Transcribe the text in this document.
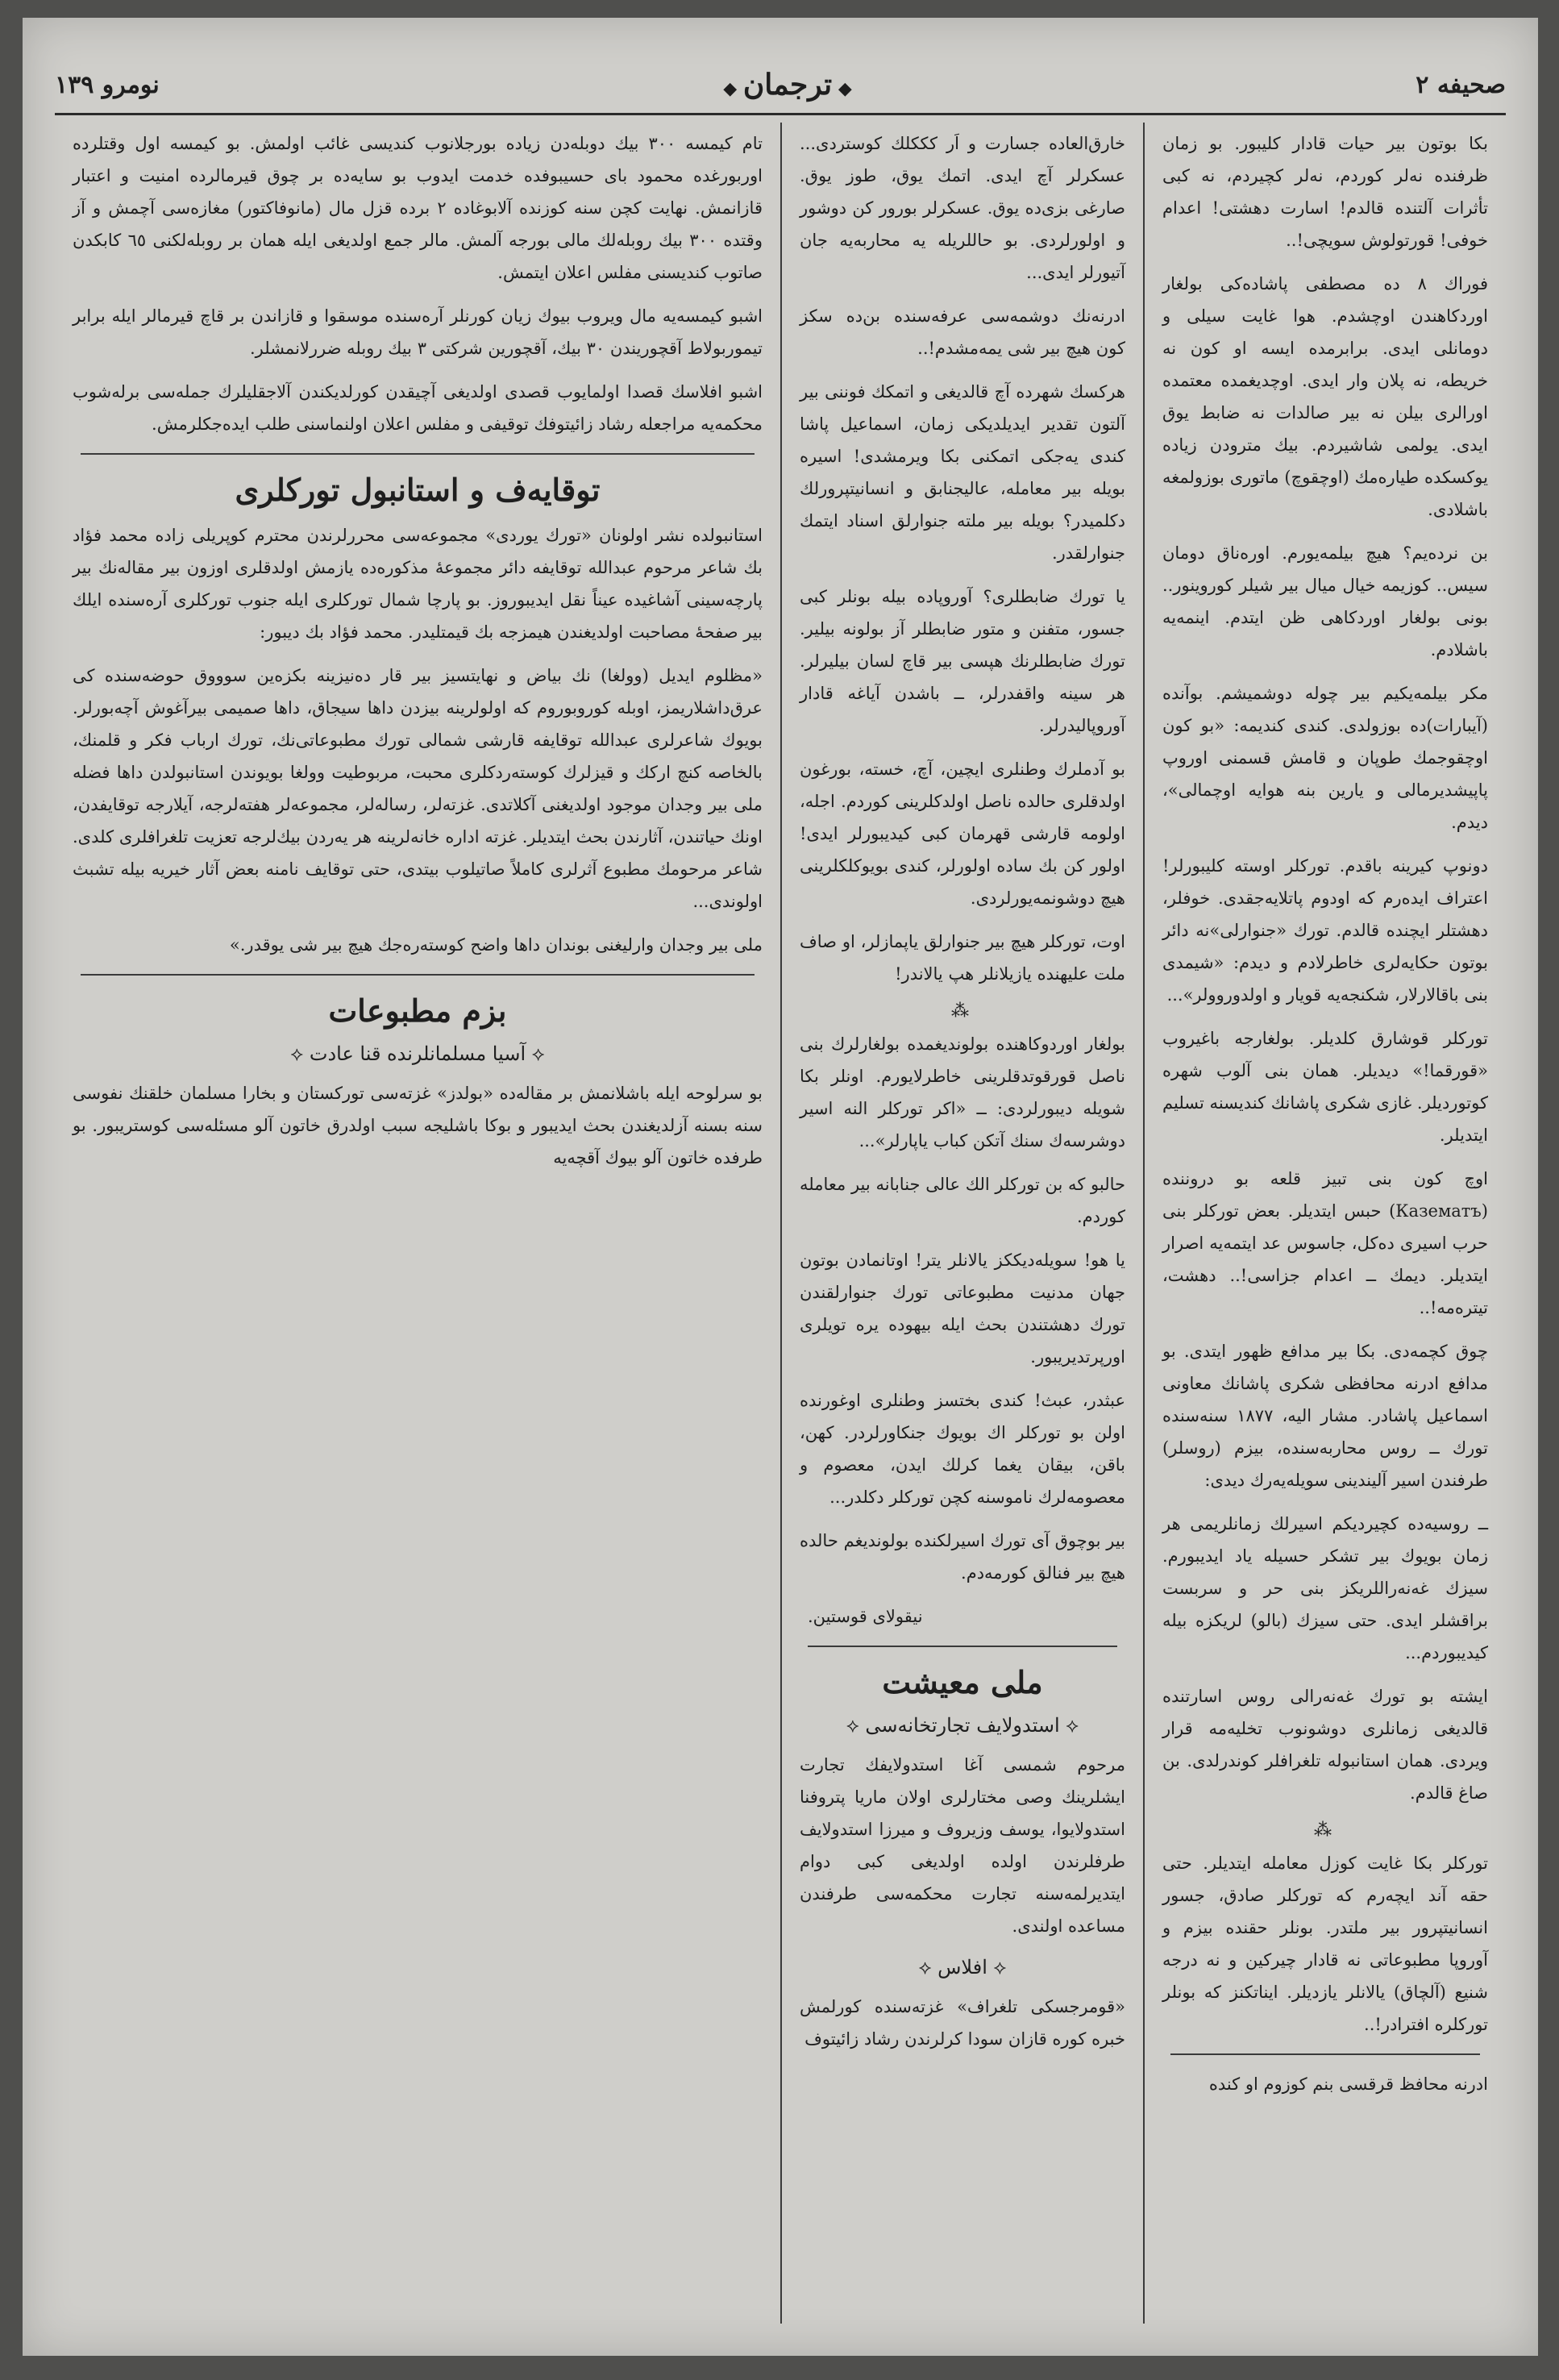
صحيفه ٢
◆ ترجمان ◆
نومرو ١٣٩

بكا بوتون بير حيات قادار كليبور. بو زمان ظرفنده نه‌لر كوردم، نه‌لر كچيردم، نه كبى تأثرات آلتنده قالدم! اسارت دهشتى! اعدام خوفى! قورتولوش سويچى!..

فوراك ٨ ده مصطفى پاشاده‌كى بولغار اوردكاهندن اوچشدم. هوا غايت سيلى و دومانلى ايدى. برابرمده ايسه او كون نه خريطه، نه پلان وار ايدى. اوچديغمده معتمده اورالرى بيلن نه بير صالدات نه ضابط يوق ايدى. يولمى شاشيردم. بيك مترودن زياده يوكسكده طيارەمك (اوچقوچ) ماتورى بوزولمغه باشلادى.

بن نردەيم؟ هيچ بيلمەيورم. اوره‌ناق دومان سيس.. كوزيمه خيال ميال بير شيلر كوروينور.. بونى بولغار اوردكاهى ظن ايتدم. اينمه‌يه باشلادم.

مكر بيلمەيكيم بير چوله دوشميشم. بوآنده (آيبارات)ده بوزولدى. كندى كنديمه: «بو كون اوچقوجمك طوپان و قامش قسمنى اوروپ پاپيشديرمالى و يارين بنه هوايه اوچمالى»، ديدم.

دونوپ كيرينه باقدم. توركلر اوسته كليبورلر! اعتراف ايدەرم كه اودوم پاتلايه‌جقدى. خوفلر، دهشتلر ايچنده قالدم. تورك «جنوارلى»نه دائر بوتون حكايه‌لرى خاطرلادم و ديدم: «شيمدى بنى باقالارلار، شكنجه‌يه قويار و اولدوروولر»...

توركلر قوشارق كلديلر. بولغارجه باغيروب «قورقما!» ديديلر. همان بنى آلوب شهره كوتورديلر. غازى شكرى پاشانك كنديسنه تسليم ايتديلر.

اوچ كون بنى تبيز قلعه بو دروننده (Казематъ) حبس ايتديلر. بعض توركلر بنى حرب اسيرى دەكل، جاسوس عد ايتمه‌يه اصرار ايتديلر. ديمك ــ اعدام جزاسى!.. دهشت، تيترەمه!..

چوق كچمەدى. بكا بير مدافع ظهور ايتدى. بو مدافع ادرنه محافظى شكرى پاشانك معاونى اسماعيل پاشادر. مشار اليه، ١٨٧٧ سنه‌سنده تورك ــ روس محاربه‌سنده، بيزم (روسلر) طرفندن اسير آليندينى سويله‌يەرك ديدى:

ــ روسيه‌ده كچيرديكم اسيرلك زمانلريمى هر زمان بويوك بير تشكر حسيله ياد ايديبورم. سيزك غەنەراللريكز بنى حر و سربست براقشلر ايدى. حتى سيزك (بالو) لريكزه بيله كيديبوردم...

ايشته بو تورك غەنەرالى روس اسارتنده قالديغى زمانلرى دوشونوب تخليه‌مه قرار ويردى. همان استانبوله تلغرافلر كوندرلدى. بن صاغ قالدم.

⁂

توركلر بكا غايت كوزل معامله ايتديلر. حتى حقه آند ايچەرم كه توركلر صادق، جسور انسانيتپرور بير ملتدر. بونلر حقنده بيزم و آوروپا مطبوعاتى نه قادار چيركين و نه درجه شنيع (آلچاق) يالانلر يازديلر. ايناتكنز كه بونلر توركلره افترادر!..

ادرنه محافظ قرقسى بنم كوزوم او كنده

خارق‌العاده جسارت و اَر كككلك كوستردى... عسكرلر آچ ايدى. اتمك يوق، طوز يوق. صارغى بزى‌ده يوق. عسكرلر بورور كن دوشور و اولورلردى. بو حاللريله يه محاربه‌يه جان آتيورلر ايدى...

ادرنه‌نك دوشمه‌سى عرفه‌سنده بن‌ده سكز كون هيچ بير شى يمه‌مشدم!..

هركسك شهرده آچ قالديغى و اتمكك فوننى بير آلتون تقدير ايديلديكى زمان، اسماعيل پاشا كندى يه‌جكى اتمكنى بكا ويرمشدى! اسيره بويله بير معامله، عاليجنابق و انسانيتپرورلك دكلميدر؟ بويله بير ملته جنوارلق اسناد ايتمك جنوارلقدر.

يا تورك ضابطلرى؟ آوروپاده بيله بونلر كبى جسور، متفنن و متور ضابطلر آز بولونه بيلير. تورك ضابطلرنك هپسى بير قاچ لسان بيليرلر. هر سينه واقفدرلر، ــ باشدن آياغه قادار آوروپاليدرلر.

بو آدملرك وطنلرى ايچين، آچ، خسته، بورغون اولدقلرى حالده ناصل اولدكلرينى كوردم. اجله، اولومه قارشى قهرمان كبى كيديبورلر ايدى! اولور كن بك ساده اولورلر، كندى بويوكلكلرينى هيچ دوشونمه‌يورلردى.

اوت، توركلر هيچ بير جنوارلق ياپمازلر، او صاف ملت عليهنده يازيلانلر هپ يالاندر!

⁂

بولغار اوردوكاهنده بولونديغمده بولغارلرك بنى ناصل قورقوتدقلرينى خاطرلايورم. اونلر بكا شويله ديبورلردى: ــ «اكر توركلر النه اسير دوشرسه‌ك سنك آتكن كباب ياپارلر»...

حالبو كه بن توركلر الك عالى جنابانه بير معامله كوردم.

يا هو! سويله‌ديككز يالانلر يتر! اوتانمادن بوتون جهان مدنيت مطبوعاتى تورك جنوارلقندن تورك دهشتندن بحث ايله بيهوده يره تويلرى اورپرتديريبور.

عبثدر، عبث! كندى بختسز وطنلرى اوغورنده اولن بو توركلر اك بويوك جنكاورلردر. كهن، باقن، بيقان يغما كرلك ايدن، معصوم و معصومه‌لرك ناموسنه كچن توركلر دكلدر...

بير بوچوق آى تورك اسيرلكنده بولونديغم حالده هيچ بير فنالق كورمەدم.

نيقولاى قوستين.
ملى معيشت
⟡ استدولايف تجارتخانه‌سى ⟡

مرحوم شمسى آغا استدولايفك تجارت ايشلرينك وصى مختارلرى اولان ماريا پتروفنا استدولايوا، يوسف وزيروف و ميرزا استدولايف طرفلرندن اولده اولديغى كبى دوام ايتديرلمه‌سنه تجارت محكمه‌سى طرفندن مساعده اولندى.

⟡ افلاس ⟡

«قومرجسكى تلغراف» غزته‌سنده كورلمش خبره كوره قازان سودا كرلرندن رشاد زائيتوف

تام كيمسه ٣٠٠ بيك دوبله‌دن زياده بورجلانوب كنديسى غائب اولمش. بو كيمسه اول وقتلرده اوربورغده محمود باى حسيبوفده خدمت ايدوب بو سايه‌ده بر چوق قيرمالرده امنيت و اعتبار قازانمش. نهايت كچن سنه كوزنده آلابوغاده ٢ برده قزل مال (مانوفاكتور) مغازه‌سى آچمش و آز وقتده ٣٠٠ بيك روبله‌لك مالى بورجه آلمش. مالر جمع اولديغى ايله همان بر روبله‌لكنى ٦٥ كابكدن صاتوب كنديسنى مفلس اعلان ايتمش.

اشبو كيمسه‌يه مال ويروب بيوك زيان كورنلر آره‌سنده موسقوا و قازاندن بر قاچ قيرمالر ايله برابر تيموربولاط آقچوريندن ٣٠ بيك، آقچورين شركتى ٣ بيك روبله ضررلانمشلر.

اشبو افلاسك قصدا اولمايوب قصدى اولديغى آچيقدن كورلديكندن آلاجقليلرك جمله‌سى برله‌شوب محكمه‌يه مراجعله رشاد زائيتوفك توقيفى و مفلس اعلان اولنماسنى طلب ايده‌جكلرمش.

توقايەف و استانبول توركلرى

استانبولده نشر اولونان «تورك يوردى» مجموعه‌سى محررلرندن محترم كوپريلى زاده محمد فؤاد بك شاعر مرحوم عبدالله توقايفه دائر مجموعهٔ مذكوره‌ده يازمش اولدقلرى اوزون بير مقاله‌نك بير پارچه‌سينى آشاغيده عيناً نقل ايديبوروز. بو پارچا شمال توركلرى ايله جنوب توركلرى آره‌سنده ايلك بير صفحهٔ مصاحبت اولديغندن هيمزجه بك قيمتليدر. محمد فؤاد بك ديبور:

«مظلوم ايديل (وولغا) نك بياض و نهايتسيز بير قار ده‌نيزينه بكزه‌ين سوووق حوضه‌سنده كى عرق‌داشلاريمز، اوبله كوروبوروم كه اولولرينه بيزدن داها سيجاق، داها صميمى بير‌آغوش آچه‌بورلر. بويوك شاعرلرى عبدالله توقايفه قارشى شمالى تورك مطبوعاتى‌نك، تورك ارباب فكر و قلمنك، بالخاصه كنچ اركك و قيزلرك كوسته‌ردكلرى محبت، مربوطيت وولغا بويوندن استانبولدن داها فضله ملى بير وجدان موجود اولديغنى آكلاتدى. غزته‌لر، رساله‌لر، مجموعه‌لر هفته‌لرجه، آيلارجه توقايفدن، اونك حياتندن، آثارندن بحث ايتديلر. غزته اداره خانه‌لرينه هر يه‌ردن بيك‌لرجه تعزيت تلغرافلرى كلدى. شاعر مرحومك مطبوع آثرلرى كاملاً صاتيلوب بيتدى، حتى توقايف نامنه بعض آثار خيريه بيله تشبث اولوندى...

ملى بير وجدان وارليغنى بوندان داها واضح كوسته‌ره‌جك هيچ بير شى يوقدر.»

بزم مطبوعات
⟡ آسيا مسلمانلرنده قنا عادت ⟡

بو سرلوحه ايله باشلانمش بر مقاله‌ده «بولدز» غزته‌سى توركستان و بخارا مسلمان خلقنك نفوسى سنه بسنه آزلديغندن بحث ايديبور و بوكا باشليجه سبب اولدرق خاتون آلو مسئله‌سى كوستريبور. بو طرفده خاتون آلو بيوك آقچه‌يه
